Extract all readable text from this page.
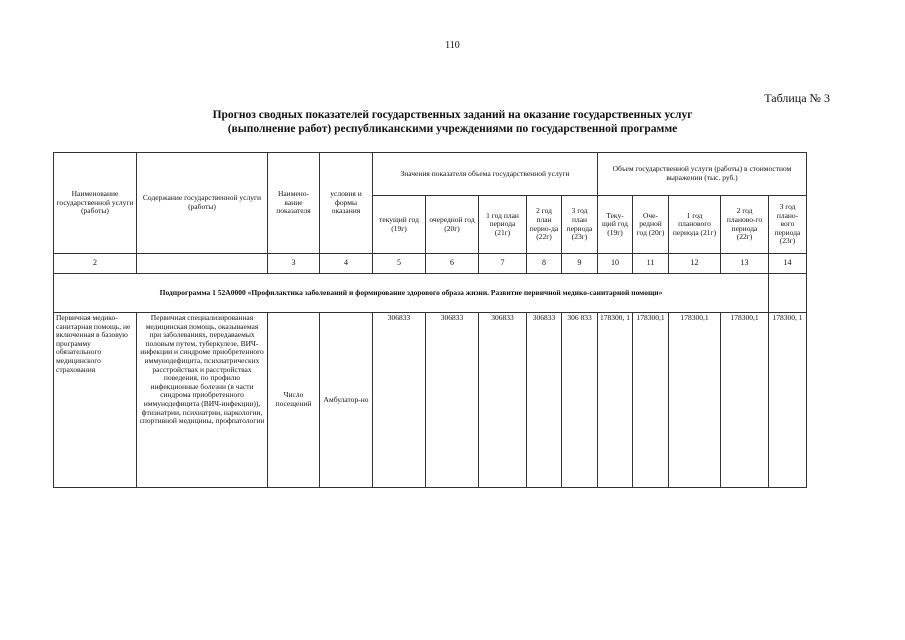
110
Таблица № 3
Прогноз сводных показателей государственных заданий на оказание государственных услуг
(выполнение работ) республиканскими учреждениями по государственной программе
Наименование государственной услуги (работы)	Содержание государственной услуги (работы)	Наимено-вание показателя	условия и формы оказания	Значения показателя объема государственной услуги					Объем государственной услуги (работы) в стоимостном выражении (тыс. руб.)				
				текущий год (19г)	очередной год (20г)	1 год план периода (21г)	2 год план перио-да (22г)	3 год план периода (23г)	Теку-щий год (19г)	Оче-редной год (20г)	1 год планового периода (21г)	2 год планово-го периода (22г)	3 год плано-вого периода (23г)
2		3	4	5	6	7	8	9	10	11	12	13	14
Подпрограмма 1 52А0000 «Профилактика заболеваний и формирование здорового образа жизни. Развитие первичной медико-санитарной помощи»													
Первичная медико-санитарная помощь, не включенная в базовую программу обязательного медицинского страхования	Первичная специализированная медицинская помощь, оказываемая при заболеваниях, передаваемых половым путем, туберкулезе, ВИЧ-инфекции и синдроме приобретенного иммунодефицита, психиатрических расстройствах и расстройствах поведения, по профилю инфекционные болезни (в части синдрома приобретенного иммунодефицита (ВИЧ-инфекции)), фтизиатрии, психиатрии, наркологии, спортивной медицины, профпатологии	Число посещений	Амбулатор-но	306833	306833	306833	306833	306 833	178300, 1	178300,1	178300,1	178300,1	178300, 1
